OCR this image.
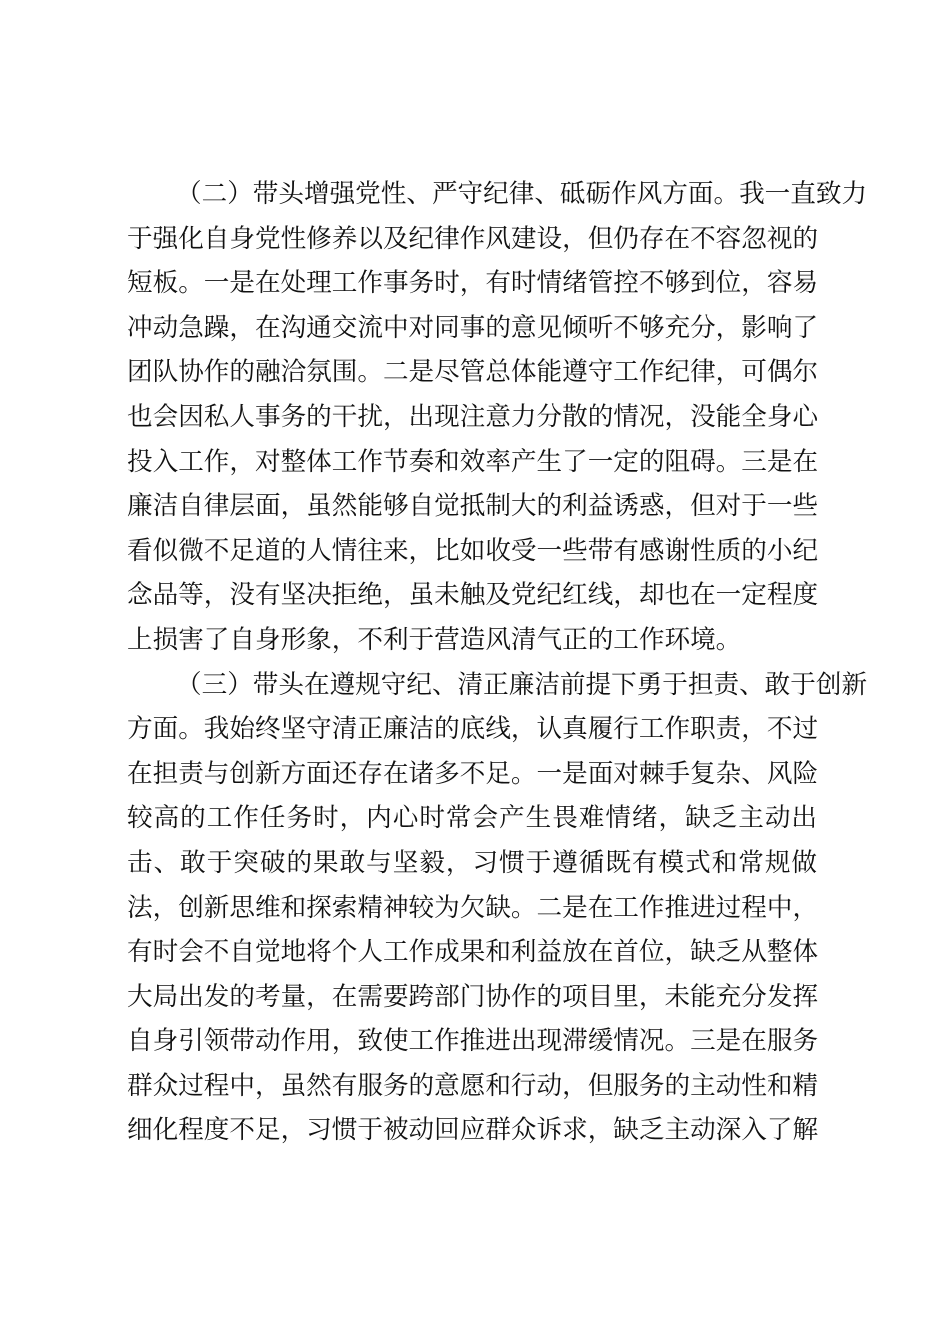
（二）带头增强党性、严守纪律、砥砺作风方面。我一直致力
于强化自身党性修养以及纪律作风建设，但仍存在不容忽视的
短板。一是在处理工作事务时，有时情绪管控不够到位，容易
冲动急躁，在沟通交流中对同事的意见倾听不够充分，影响了
团队协作的融洽氛围。二是尽管总体能遵守工作纪律，可偶尔
也会因私人事务的干扰，出现注意力分散的情况，没能全身心
投入工作，对整体工作节奏和效率产生了一定的阻碍。三是在
廉洁自律层面，虽然能够自觉抵制大的利益诱惑，但对于一些
看似微不足道的人情往来，比如收受一些带有感谢性质的小纪
念品等，没有坚决拒绝，虽未触及党纪红线，却也在一定程度
上损害了自身形象，不利于营造风清气正的工作环境。
（三）带头在遵规守纪、清正廉洁前提下勇于担责、敢于创新
方面。我始终坚守清正廉洁的底线，认真履行工作职责，不过
在担责与创新方面还存在诸多不足。一是面对棘手复杂、风险
较高的工作任务时，内心时常会产生畏难情绪，缺乏主动出
击、敢于突破的果敢与坚毅，习惯于遵循既有模式和常规做
法，创新思维和探索精神较为欠缺。二是在工作推进过程中，
有时会不自觉地将个人工作成果和利益放在首位，缺乏从整体
大局出发的考量，在需要跨部门协作的项目里，未能充分发挥
自身引领带动作用，致使工作推进出现滞缓情况。三是在服务
群众过程中，虽然有服务的意愿和行动，但服务的主动性和精
细化程度不足，习惯于被动回应群众诉求，缺乏主动深入了解
